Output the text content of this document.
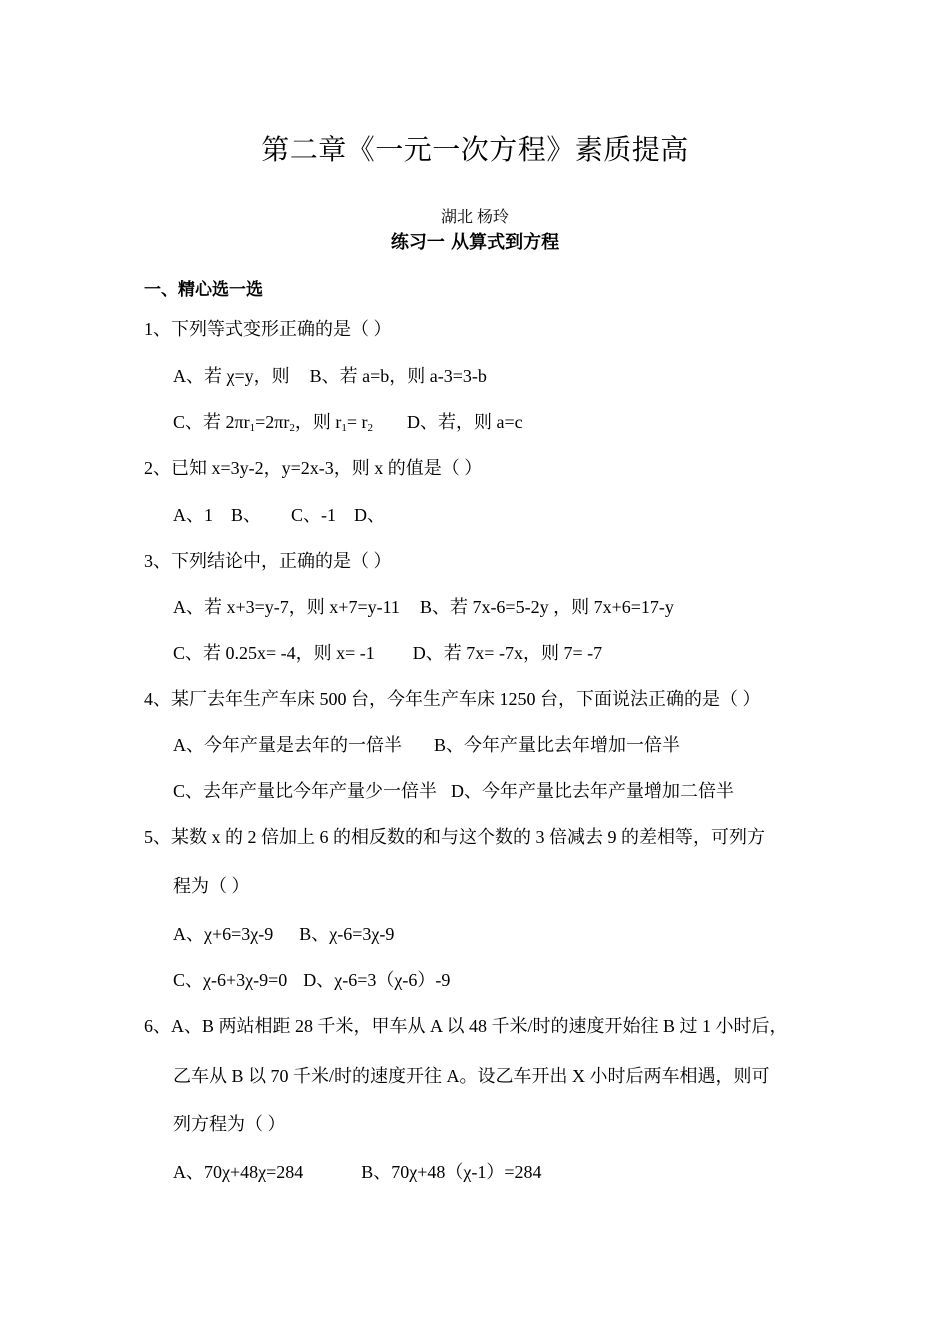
第二章《一元一次方程》素质提高
湖北 杨玲
练习一 从算式到方程
一、精心选一选
1、下列等式变形正确的是（ ）
A、若 χ=y，则 B、若 a=b，则 a-3=3-b
C、若 $2\pi r_1=2\pi r_2$，则 $r_1= r_2$ D、若，则 a=c
2、已知 x=3y-2，y=2x-3，则 x 的值是（ ）
A、1 B、 C、-1 D、
3、下列结论中，正确的是（ ）
A、若 x+3=y-7，则 x+7=y-11 B、若 7x-6=5-2y ，则 7x+6=17-y
C、若 0.25x= -4，则 x= -1 D、若 7x= -7x，则 7= -7
4、某厂去年生产车床 500 台，今年生产车床 1250 台，下面说法正确的是（ ）
A、今年产量是去年的一倍半 B、今年产量比去年增加一倍半
C、去年产量比今年产量少一倍半 D、今年产量比去年产量增加二倍半
5、某数 x 的 2 倍加上 6 的相反数的和与这个数的 3 倍减去 9 的差相等，可列方
程为（ ）
A、χ+6=3χ-9 B、χ-6=3χ-9
C、χ-6+3χ-9=0 D、χ-6=3（χ-6）-9
6、A、B 两站相距 28 千米，甲车从 A 以 48 千米/时的速度开始往 B 过 1 小时后，
乙车从 B 以 70 千米/时的速度开往 A。设乙车开出 X 小时后两车相遇，则可
列方程为（ ）
A、70χ+48χ=284	B、70χ+48（χ-1）=284
